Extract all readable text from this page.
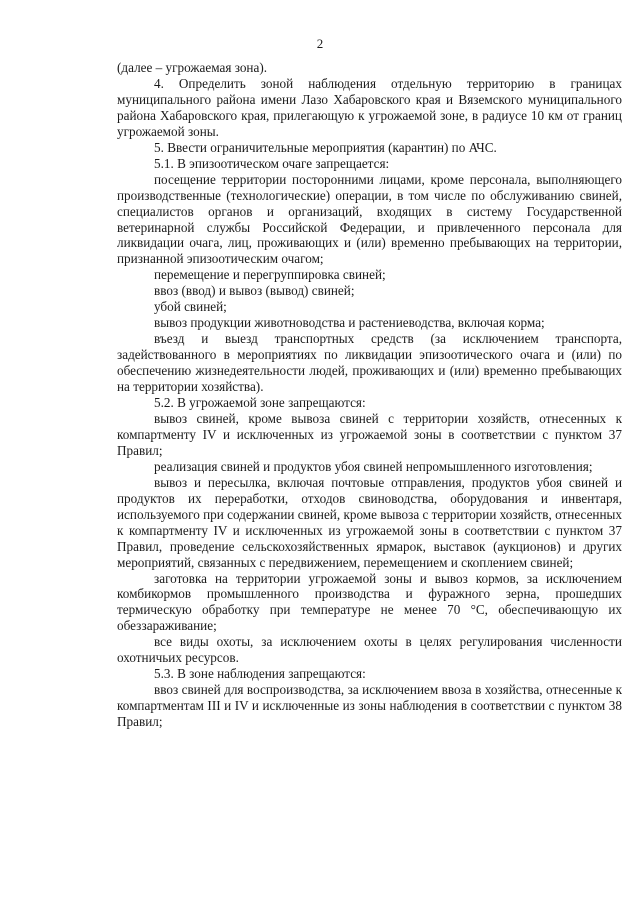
2

(далее – угрожаемая зона).

4. Определить зоной наблюдения отдельную территорию в границах муниципального района имени Лазо Хабаровского края и Вяземского муниципального района Хабаровского края, прилегающую к угрожаемой зоне, в радиусе 10 км от границ угрожаемой зоны.

5. Ввести ограничительные мероприятия (карантин) по АЧС.

5.1. В эпизоотическом очаге запрещается:

посещение территории посторонними лицами, кроме персонала, выполняющего производственные (технологические) операции, в том числе по обслуживанию свиней, специалистов органов и организаций, входящих в систему Государственной ветеринарной службы Российской Федерации, и привлеченного персонала для ликвидации очага, лиц, проживающих и (или) временно пребывающих на территории, признанной эпизоотическим очагом;

перемещение и перегруппировка свиней;

ввоз (ввод) и вывоз (вывод) свиней;

убой свиней;

вывоз продукции животноводства и растениеводства, включая корма;

въезд и выезд транспортных средств (за исключением транспорта, задействованного в мероприятиях по ликвидации эпизоотического очага и (или) по обеспечению жизнедеятельности людей, проживающих и (или) временно пребывающих на территории хозяйства).

5.2. В угрожаемой зоне запрещаются:

вывоз свиней, кроме вывоза свиней с территории хозяйств, отнесенных к компартменту IV и исключенных из угрожаемой зоны в соответствии с пунктом 37 Правил;

реализация свиней и продуктов убоя свиней непромышленного изготовления;

вывоз и пересылка, включая почтовые отправления, продуктов убоя свиней и продуктов их переработки, отходов свиноводства, оборудования и инвентаря, используемого при содержании свиней, кроме вывоза с территории хозяйств, отнесенных к компартменту IV и исключенных из угрожаемой зоны в соответствии с пунктом 37 Правил, проведение сельскохозяйственных ярмарок, выставок (аукционов) и других мероприятий, связанных с передвижением, перемещением и скоплением свиней;

заготовка на территории угрожаемой зоны и вывоз кормов, за исключением комбикормов промышленного производства и фуражного зерна, прошедших термическую обработку при температуре не менее 70 °С, обеспечивающую их обеззараживание;

все виды охоты, за исключением охоты в целях регулирования численности охотничьих ресурсов.

5.3. В зоне наблюдения запрещаются:

ввоз свиней для воспроизводства, за исключением ввоза в хозяйства, отнесенные к компартментам III и IV и исключенные из зоны наблюдения в соответствии с пунктом 38 Правил;
